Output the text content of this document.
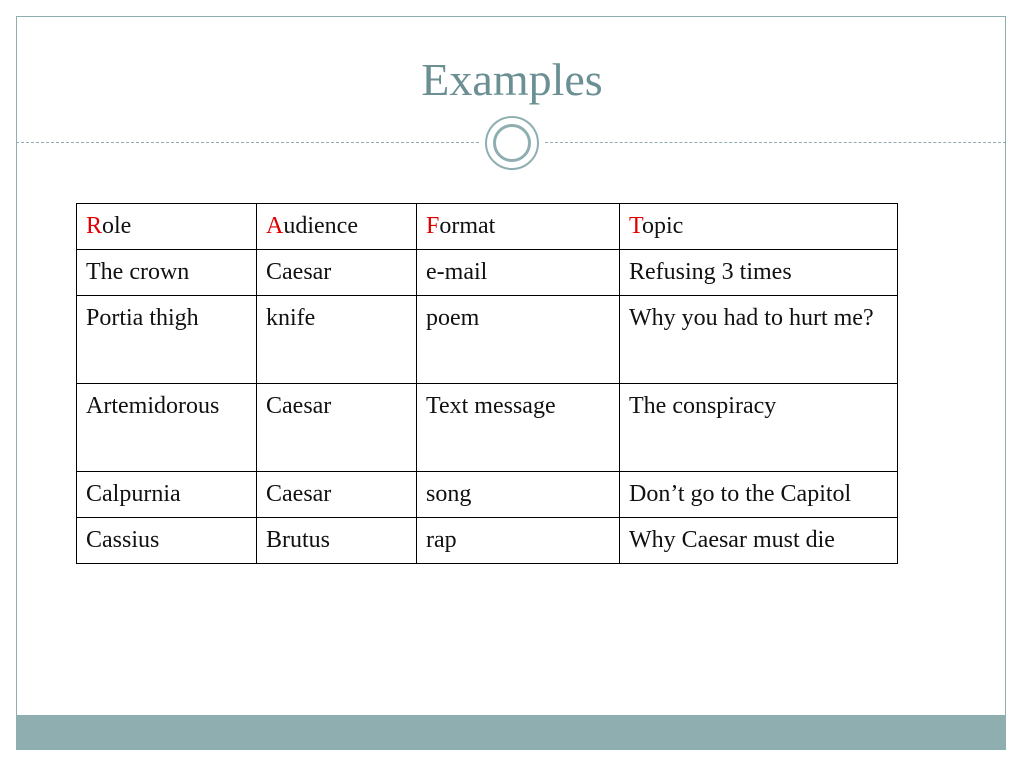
Examples
Role	Audience	Format	Topic
The crown	Caesar	e-mail	Refusing 3 times
Portia thigh	knife	poem	Why you had to hurt me?
Artemidorous	Caesar	Text message	The conspiracy
Calpurnia	Caesar	song	Don’t go to the Capitol
Cassius	Brutus	rap	Why Caesar must die
